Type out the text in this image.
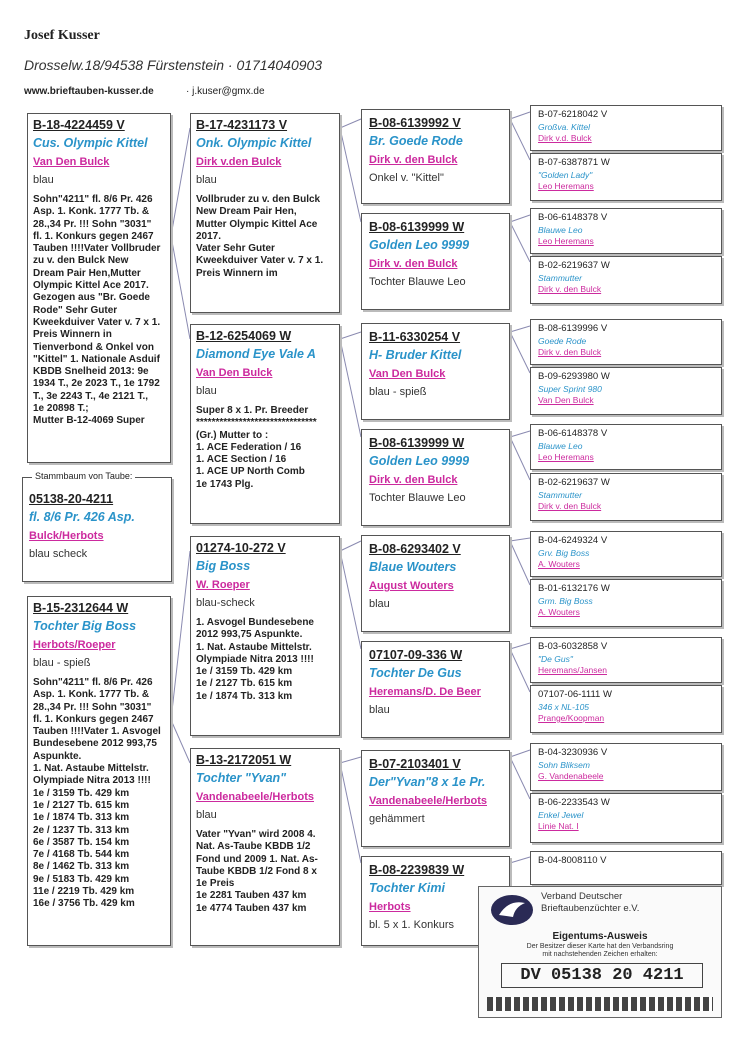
Josef Kusser
Drosselw.18/94538 Fürstenstein · 01714040903
www.brieftauben-kusser.de	· j.kuser@gmx.de
B-18-4224459 V
Cus. Olympic Kittel
Van Den Bulck
blau
Sohn"4211" fl. 8/6 Pr. 426
Asp. 1. Konk. 1777 Tb. &
28.,34 Pr. !!! Sohn "3031"
fl. 1. Konkurs gegen 2467
Tauben !!!!Vater Vollbruder
zu v. den Bulck New
Dream Pair Hen,Mutter
Olympic Kittel Ace 2017.
Gezogen aus "Br. Goede
Rode" Sehr Guter
Kweekduiver Vater v. 7 x 1.
Preis Winnern in
Tienverbond & Onkel von
"Kittel" 1. Nationale Asduif
KBDB Snelheid 2013: 9e
1934 T., 2e 2023 T., 1e 1792
T., 3e 2243 T., 4e 2121 T.,
1e 20898 T.;
Mutter B-12-4069 Super
05138-20-4211
fl. 8/6 Pr. 426 Asp.
Bulck/Herbots
blau scheck
Stammbaum von Taube:
B-15-2312644 W
Tochter Big Boss
Herbots/Roeper
blau - spieß
Sohn"4211" fl. 8/6 Pr. 426
Asp. 1. Konk. 1777 Tb. &
28.,34 Pr. !!! Sohn "3031"
fl. 1. Konkurs gegen 2467
Tauben !!!!Vater 1. Asvogel
Bundesebene 2012 993,75
Aspunkte.
1. Nat. Astaube Mittelstr.
Olympiade Nitra 2013 !!!!
1e / 3159 Tb. 429 km
1e / 2127 Tb. 615 km
1e / 1874 Tb. 313 km
2e / 1237 Tb. 313 km
6e / 3587 Tb. 154 km
7e / 4168 Tb. 544 km
8e / 1462 Tb. 313 km
9e / 5183 Tb. 429 km
11e / 2219 Tb. 429 km
16e / 3756 Tb. 429 km
B-17-4231173 V
Onk. Olympic Kittel
Dirk v.den Bulck
blau
Vollbruder zu v. den Bulck
New Dream Pair Hen,
Mutter Olympic Kittel Ace
2017.
Vater Sehr Guter
Kweekduiver Vater v. 7 x 1.
Preis Winnern im
B-12-6254069 W
Diamond Eye Vale A
Van Den Bulck
blau
Super 8 x 1. Pr. Breeder
*******************************
(Gr.) Mutter to :
1. ACE Federation / 16
1. ACE Section / 16
1. ACE UP North Comb
1e 1743 Plg.
01274-10-272 V
Big Boss
W. Roeper
blau-scheck
1. Asvogel Bundesebene
2012 993,75 Aspunkte.
1. Nat. Astaube Mittelstr.
Olympiade Nitra 2013 !!!!
1e / 3159 Tb. 429 km
1e / 2127 Tb. 615 km
1e / 1874 Tb. 313 km
B-13-2172051 W
Tochter "Yvan"
Vandenabeele/Herbots
blau
Vater "Yvan" wird 2008 4.
Nat. As-Taube KBDB 1/2
Fond und 2009 1. Nat. As-
Taube KBDB 1/2 Fond 8 x
1e Preis
1e 2281 Tauben 437 km
1e 4774 Tauben 437 km
B-08-6139992 V
Br. Goede Rode
Dirk v. den Bulck
Onkel v. "Kittel"
B-08-6139999 W
Golden Leo 9999
Dirk v. den Bulck
Tochter Blauwe Leo
B-11-6330254 V
H- Bruder Kittel
Van Den Bulck
blau - spieß
B-08-6139999 W
Golden Leo 9999
Dirk v. den Bulck
Tochter Blauwe Leo
B-08-6293402 V
Blaue Wouters
August Wouters
blau
07107-09-336 W
Tochter De Gus
Heremans/D. De Beer
blau
B-07-2103401 V
Der"Yvan"8 x 1e Pr.
Vandenabeele/Herbots
gehämmert
B-08-2239839 W
Tochter Kimi
Herbots
bl. 5 x 1. Konkurs
B-07-6218042 V
Großva. Kittel
Dirk v.d. Bulck
B-07-6387871 W
"Golden Lady"
Leo Heremans
B-06-6148378 V
Blauwe Leo
Leo Heremans
B-02-6219637 W
Stammutter
Dirk v. den Bulck
B-08-6139996 V
Goede Rode
Dirk v. den Bulck
B-09-6293980 W
Super Sprint 980
Van Den Bulck
B-06-6148378 V
Blauwe Leo
Leo Heremans
B-02-6219637 W
Stammutter
Dirk v. den Bulck
B-04-6249324 V
Grv. Big Boss
A. Wouters
B-01-6132176 W
Grm. Big Boss
A. Wouters
B-03-6032858 V
"De Gus"
Heremans/Jansen
07107-06-1111 W
346 x NL-105
Prange/Koopman
B-04-3230936 V
Sohn Bliksem
G. Vandenabeele
B-06-2233543 W
Enkel Jewel
Linie Nat. I
B-04-8008110 V
Verband Deutscher
Brieftaubenzüchter e.V.
Eigentums-Ausweis
Der Besitzer dieser Karte hat den Verbandsring
mit nachstehenden Zeichen erhalten:
DV 05138 20 4211
